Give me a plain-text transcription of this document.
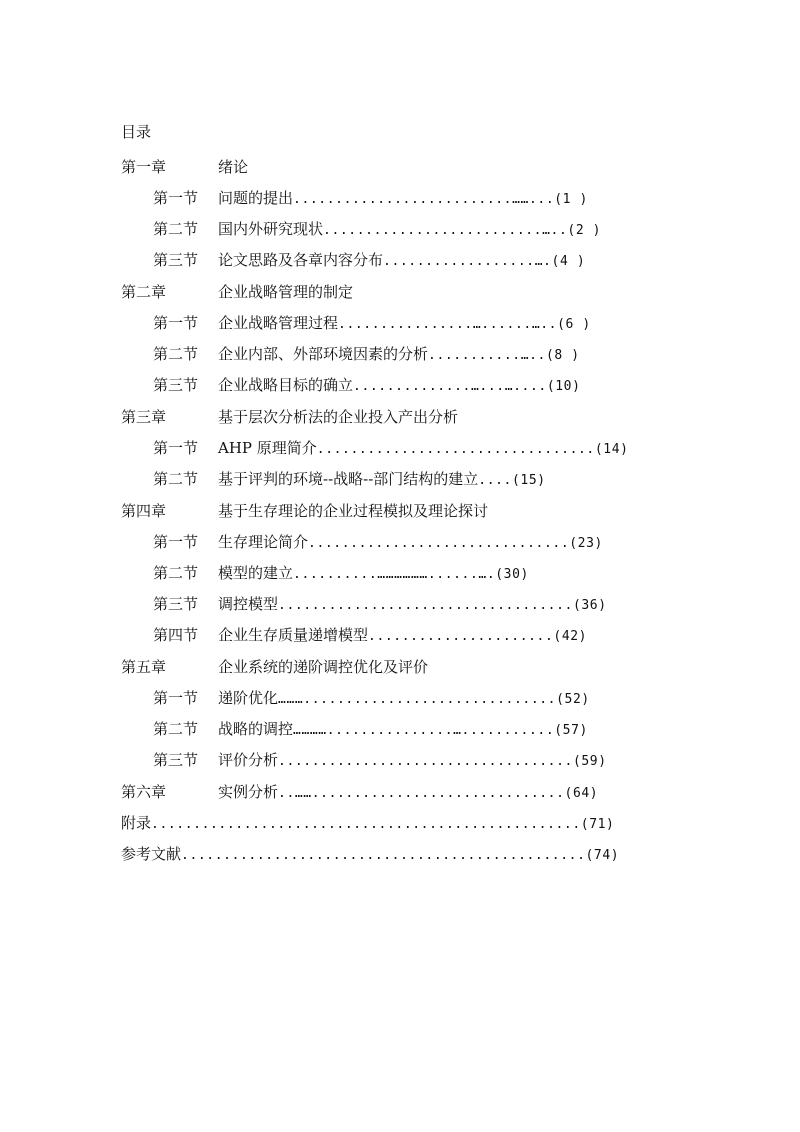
目录
第一章	绪论
第一节 问题的提出..........................……...(1 )
第二节 国内外研究现状..........................…..(2 )
第三节 论文思路及各章内容分布..................….(4 )
第二章	企业战略管理的制定
第一节 企业战略管理过程................…......…..(6 )
第二节 企业内部、外部环境因素的分析...........…..(8 )
第三节 企业战略目标的确立..............…...…....(10)
第三章	基于层次分析法的企业投入产出分析
第一节 AHP 原理简介.................................(14)
第二节 基于评判的环境--战略--部门结构的建立....(15)
第四章	基于生存理论的企业过程模拟及理论探讨
第一节 生存理论简介...............................(23)
第二节 模型的建立..........………………......….(30)
第三节 调控模型...................................(36)
第四节 企业生存质量递增模型......................(42)
第五章	企业系统的递阶调控优化及评价
第一节 递阶优化………..............................(52)
第二节 战略的调控…………...............…...........(57)
第三节 评价分析...................................(59)
第六章	实例分析..……..............................(64)
附录...................................................(71)
参考文献................................................(74)
